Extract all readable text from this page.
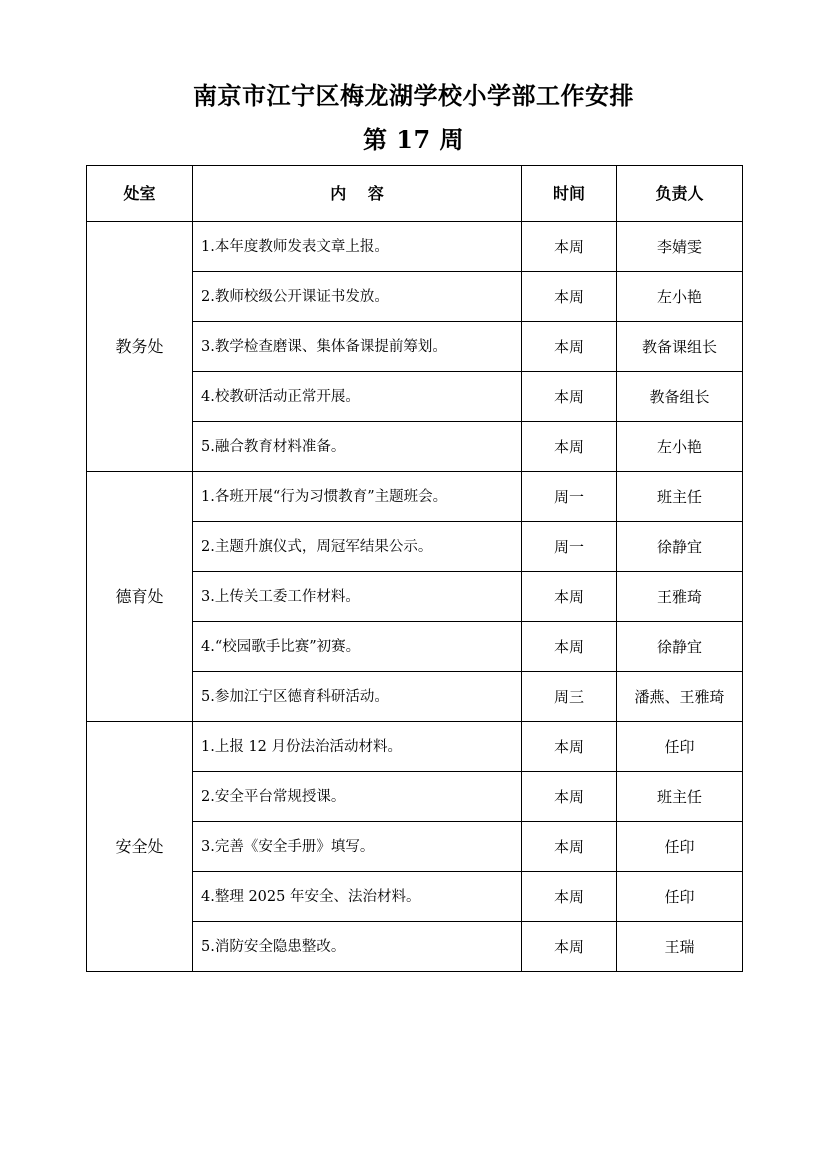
南京市江宁区梅龙湖学校小学部工作安排
第 17 周
处室	内　 容	时间	负责人
教务处	1.本年度教师发表文章上报。	本周	李婧雯
	2.教师校级公开课证书发放。	本周	左小艳
	3.教学检查磨课、集体备课提前筹划。	本周	教备课组长
	4.校教研活动正常开展。	本周	教备组长
	5.融合教育材料准备。	本周	左小艳
德育处	1.各班开展“行为习惯教育”主题班会。	周一	班主任
	2.主题升旗仪式，周冠军结果公示。	周一	徐静宜
	3.上传关工委工作材料。	本周	王雅琦
	4.“校园歌手比赛”初赛。	本周	徐静宜
	5.参加江宁区德育科研活动。	周三	潘燕、王雅琦
安全处	1.上报 12 月份法治活动材料。	本周	任印
	2.安全平台常规授课。	本周	班主任
	3.完善《安全手册》填写。	本周	任印
	4.整理 2025 年安全、法治材料。	本周	任印
	5.消防安全隐患整改。	本周	王瑞
